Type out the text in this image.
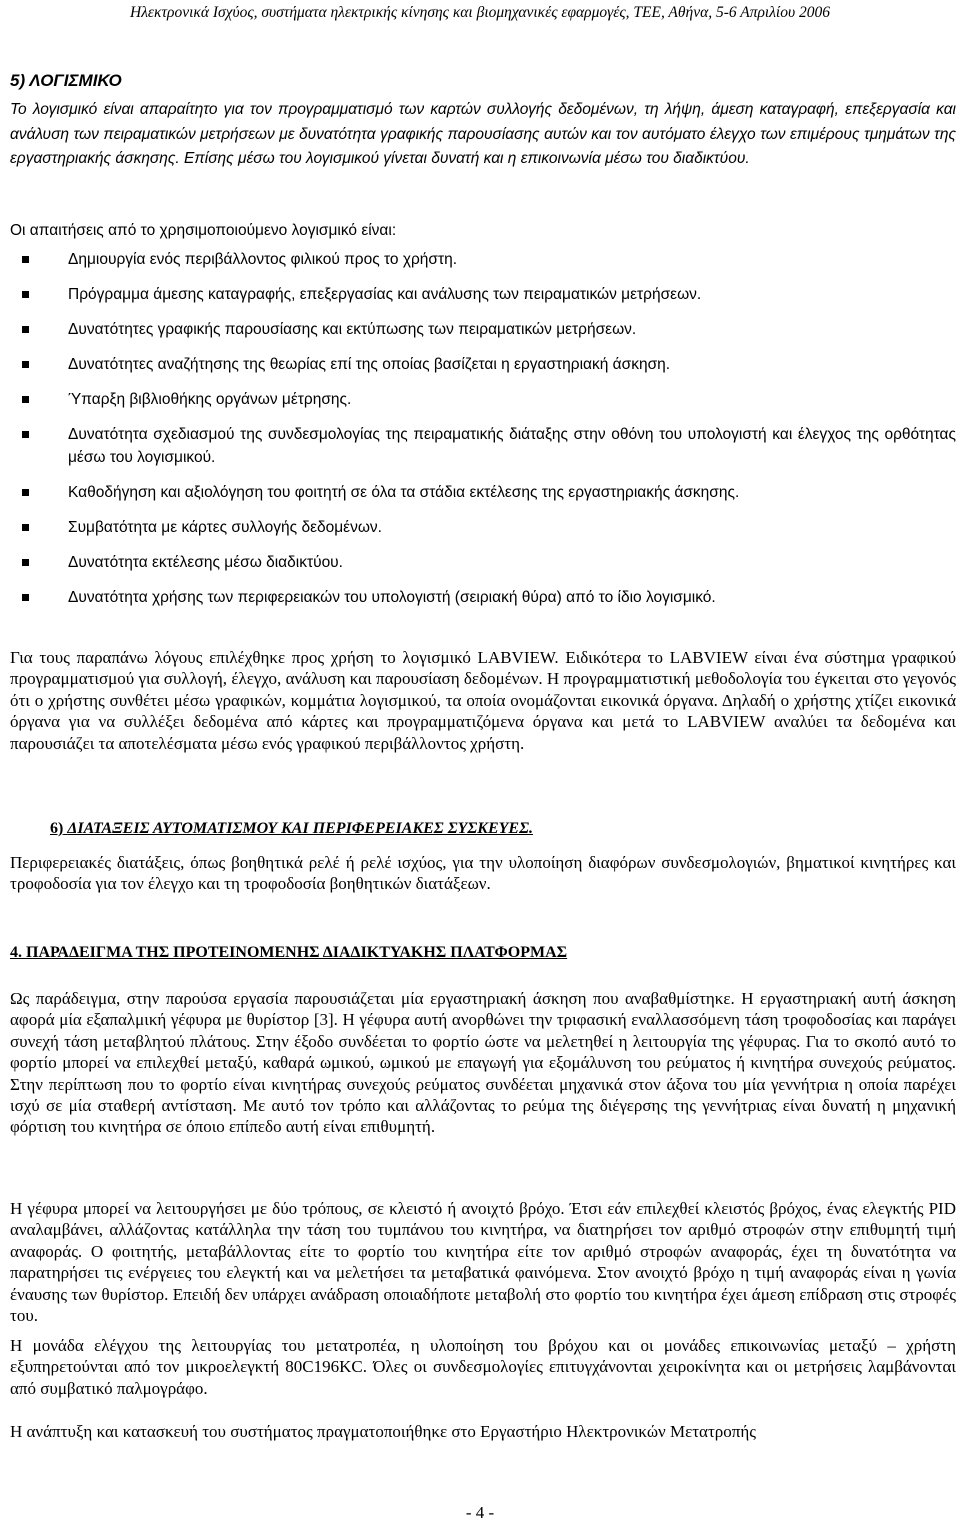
Ηλεκτρονικά Ισχύος, συστήματα ηλεκτρικής κίνησης και βιομηχανικές εφαρμογές, ΤΕΕ, Αθήνα, 5-6 Απριλίου 2006
5) ΛΟΓΙΣΜΙΚΟ
Το λογισμικό είναι απαραίτητο για τον προγραμματισμό των καρτών συλλογής δεδομένων, τη λήψη, άμεση καταγραφή, επεξεργασία και ανάλυση των πειραματικών μετρήσεων με δυνατότητα γραφικής παρουσίασης αυτών και τον αυτόματο έλεγχο των επιμέρους τμημάτων της εργαστηριακής άσκησης. Επίσης μέσω του λογισμικού γίνεται δυνατή και η επικοινωνία μέσω του διαδικτύου.
Οι απαιτήσεις από το χρησιμοποιούμενο λογισμικό είναι:
Δημιουργία ενός περιβάλλοντος φιλικού προς το χρήστη.
Πρόγραμμα άμεσης καταγραφής, επεξεργασίας και ανάλυσης των πειραματικών μετρήσεων.
Δυνατότητες γραφικής παρουσίασης και εκτύπωσης των πειραματικών μετρήσεων.
Δυνατότητες αναζήτησης της θεωρίας επί της οποίας βασίζεται η εργαστηριακή άσκηση.
Ύπαρξη βιβλιοθήκης οργάνων μέτρησης.
Δυνατότητα σχεδιασμού της συνδεσμολογίας της πειραματικής διάταξης στην οθόνη του υπολογιστή και έλεγχος της ορθότητας μέσω του λογισμικού.
Καθοδήγηση και αξιολόγηση του φοιτητή σε όλα τα στάδια εκτέλεσης της εργαστηριακής άσκησης.
Συμβατότητα με κάρτες συλλογής δεδομένων.
Δυνατότητα εκτέλεσης μέσω διαδικτύου.
Δυνατότητα χρήσης των περιφερειακών του υπολογιστή (σειριακή θύρα) από το ίδιο λογισμικό.
Για τους παραπάνω λόγους επιλέχθηκε προς χρήση το λογισμικό LABVIEW. Ειδικότερα το LABVIEW είναι ένα σύστημα γραφικού προγραμματισμού για συλλογή, έλεγχο, ανάλυση και παρουσίαση δεδομένων. Η προγραμματιστική μεθοδολογία του έγκειται στο γεγονός ότι ο χρήστης συνθέτει μέσω γραφικών, κομμάτια λογισμικού, τα οποία ονομάζονται εικονικά όργανα. Δηλαδή ο χρήστης χτίζει εικονικά όργανα για να συλλέξει δεδομένα από κάρτες και προγραμματιζόμενα όργανα και μετά το LABVIEW αναλύει τα δεδομένα και παρουσιάζει τα αποτελέσματα μέσω ενός γραφικού περιβάλλοντος χρήστη.
6) ΔΙΑΤΑΞΕΙΣ ΑΥΤΟΜΑΤΙΣΜΟΥ ΚΑΙ ΠΕΡΙΦΕΡΕΙΑΚΕΣ ΣΥΣΚΕΥΕΣ.
Περιφερειακές διατάξεις, όπως βοηθητικά ρελέ ή ρελέ ισχύος, για την υλοποίηση διαφόρων συνδεσμολογιών, βηματικοί κινητήρες και τροφοδοσία για τον έλεγχο και τη τροφοδοσία βοηθητικών διατάξεων.
4. ΠΑΡΑΔΕΙΓΜΑ ΤΗΣ ΠΡΟΤΕΙΝΟΜΕΝΗΣ ΔΙΑΔΙΚΤΥΑΚΗΣ ΠΛΑΤΦΟΡΜΑΣ
Ως παράδειγμα, στην παρούσα εργασία παρουσιάζεται μία εργαστηριακή άσκηση που αναβαθμίστηκε. Η εργαστηριακή αυτή άσκηση αφορά μία εξαπαλμική γέφυρα με θυρίστορ [3]. Η γέφυρα αυτή ανορθώνει την τριφασική εναλλασσόμενη τάση τροφοδοσίας και παράγει συνεχή τάση μεταβλητού πλάτους. Στην έξοδο συνδέεται το φορτίο ώστε να μελετηθεί η λειτουργία της γέφυρας. Για το σκοπό αυτό το φορτίο μπορεί να επιλεχθεί μεταξύ, καθαρά ωμικού, ωμικού με επαγωγή για εξομάλυνση του ρεύματος ή κινητήρα συνεχούς ρεύματος. Στην περίπτωση που το φορτίο είναι κινητήρας συνεχούς ρεύματος συνδέεται μηχανικά στον άξονα του μία γεννήτρια η οποία παρέχει ισχύ σε μία σταθερή αντίσταση. Με αυτό τον τρόπο και αλλάζοντας το ρεύμα της διέγερσης της γεννήτριας είναι δυνατή η μηχανική φόρτιση του κινητήρα σε όποιο επίπεδο αυτή είναι επιθυμητή.
Η γέφυρα μπορεί να λειτουργήσει με δύο τρόπους, σε κλειστό ή ανοιχτό βρόχο. Έτσι εάν επιλεχθεί κλειστός βρόχος, ένας ελεγκτής PID αναλαμβάνει, αλλάζοντας κατάλληλα την τάση του τυμπάνου του κινητήρα, να διατηρήσει τον αριθμό στροφών στην επιθυμητή τιμή αναφοράς. Ο φοιτητής, μεταβάλλοντας είτε το φορτίο του κινητήρα είτε τον αριθμό στροφών αναφοράς, έχει τη δυνατότητα να παρατηρήσει τις ενέργειες του ελεγκτή και να μελετήσει τα μεταβατικά φαινόμενα. Στον ανοιχτό βρόχο η τιμή αναφοράς είναι η γωνία έναυσης των θυρίστορ. Επειδή δεν υπάρχει ανάδραση οποιαδήποτε μεταβολή στο φορτίο του κινητήρα έχει άμεση επίδραση στις στροφές του.
Η μονάδα ελέγχου της λειτουργίας του μετατροπέα, η υλοποίηση του βρόχου και οι μονάδες επικοινωνίας μεταξύ – χρήστη εξυπηρετούνται από τον μικροελεγκτή 80C196KC. Όλες οι συνδεσμολογίες επιτυγχάνονται χειροκίνητα και οι μετρήσεις λαμβάνονται από συμβατικό παλμογράφο.
Η ανάπτυξη και κατασκευή του συστήματος πραγματοποιήθηκε στο Εργαστήριο Ηλεκτρονικών Μετατροπής
- 4 -
